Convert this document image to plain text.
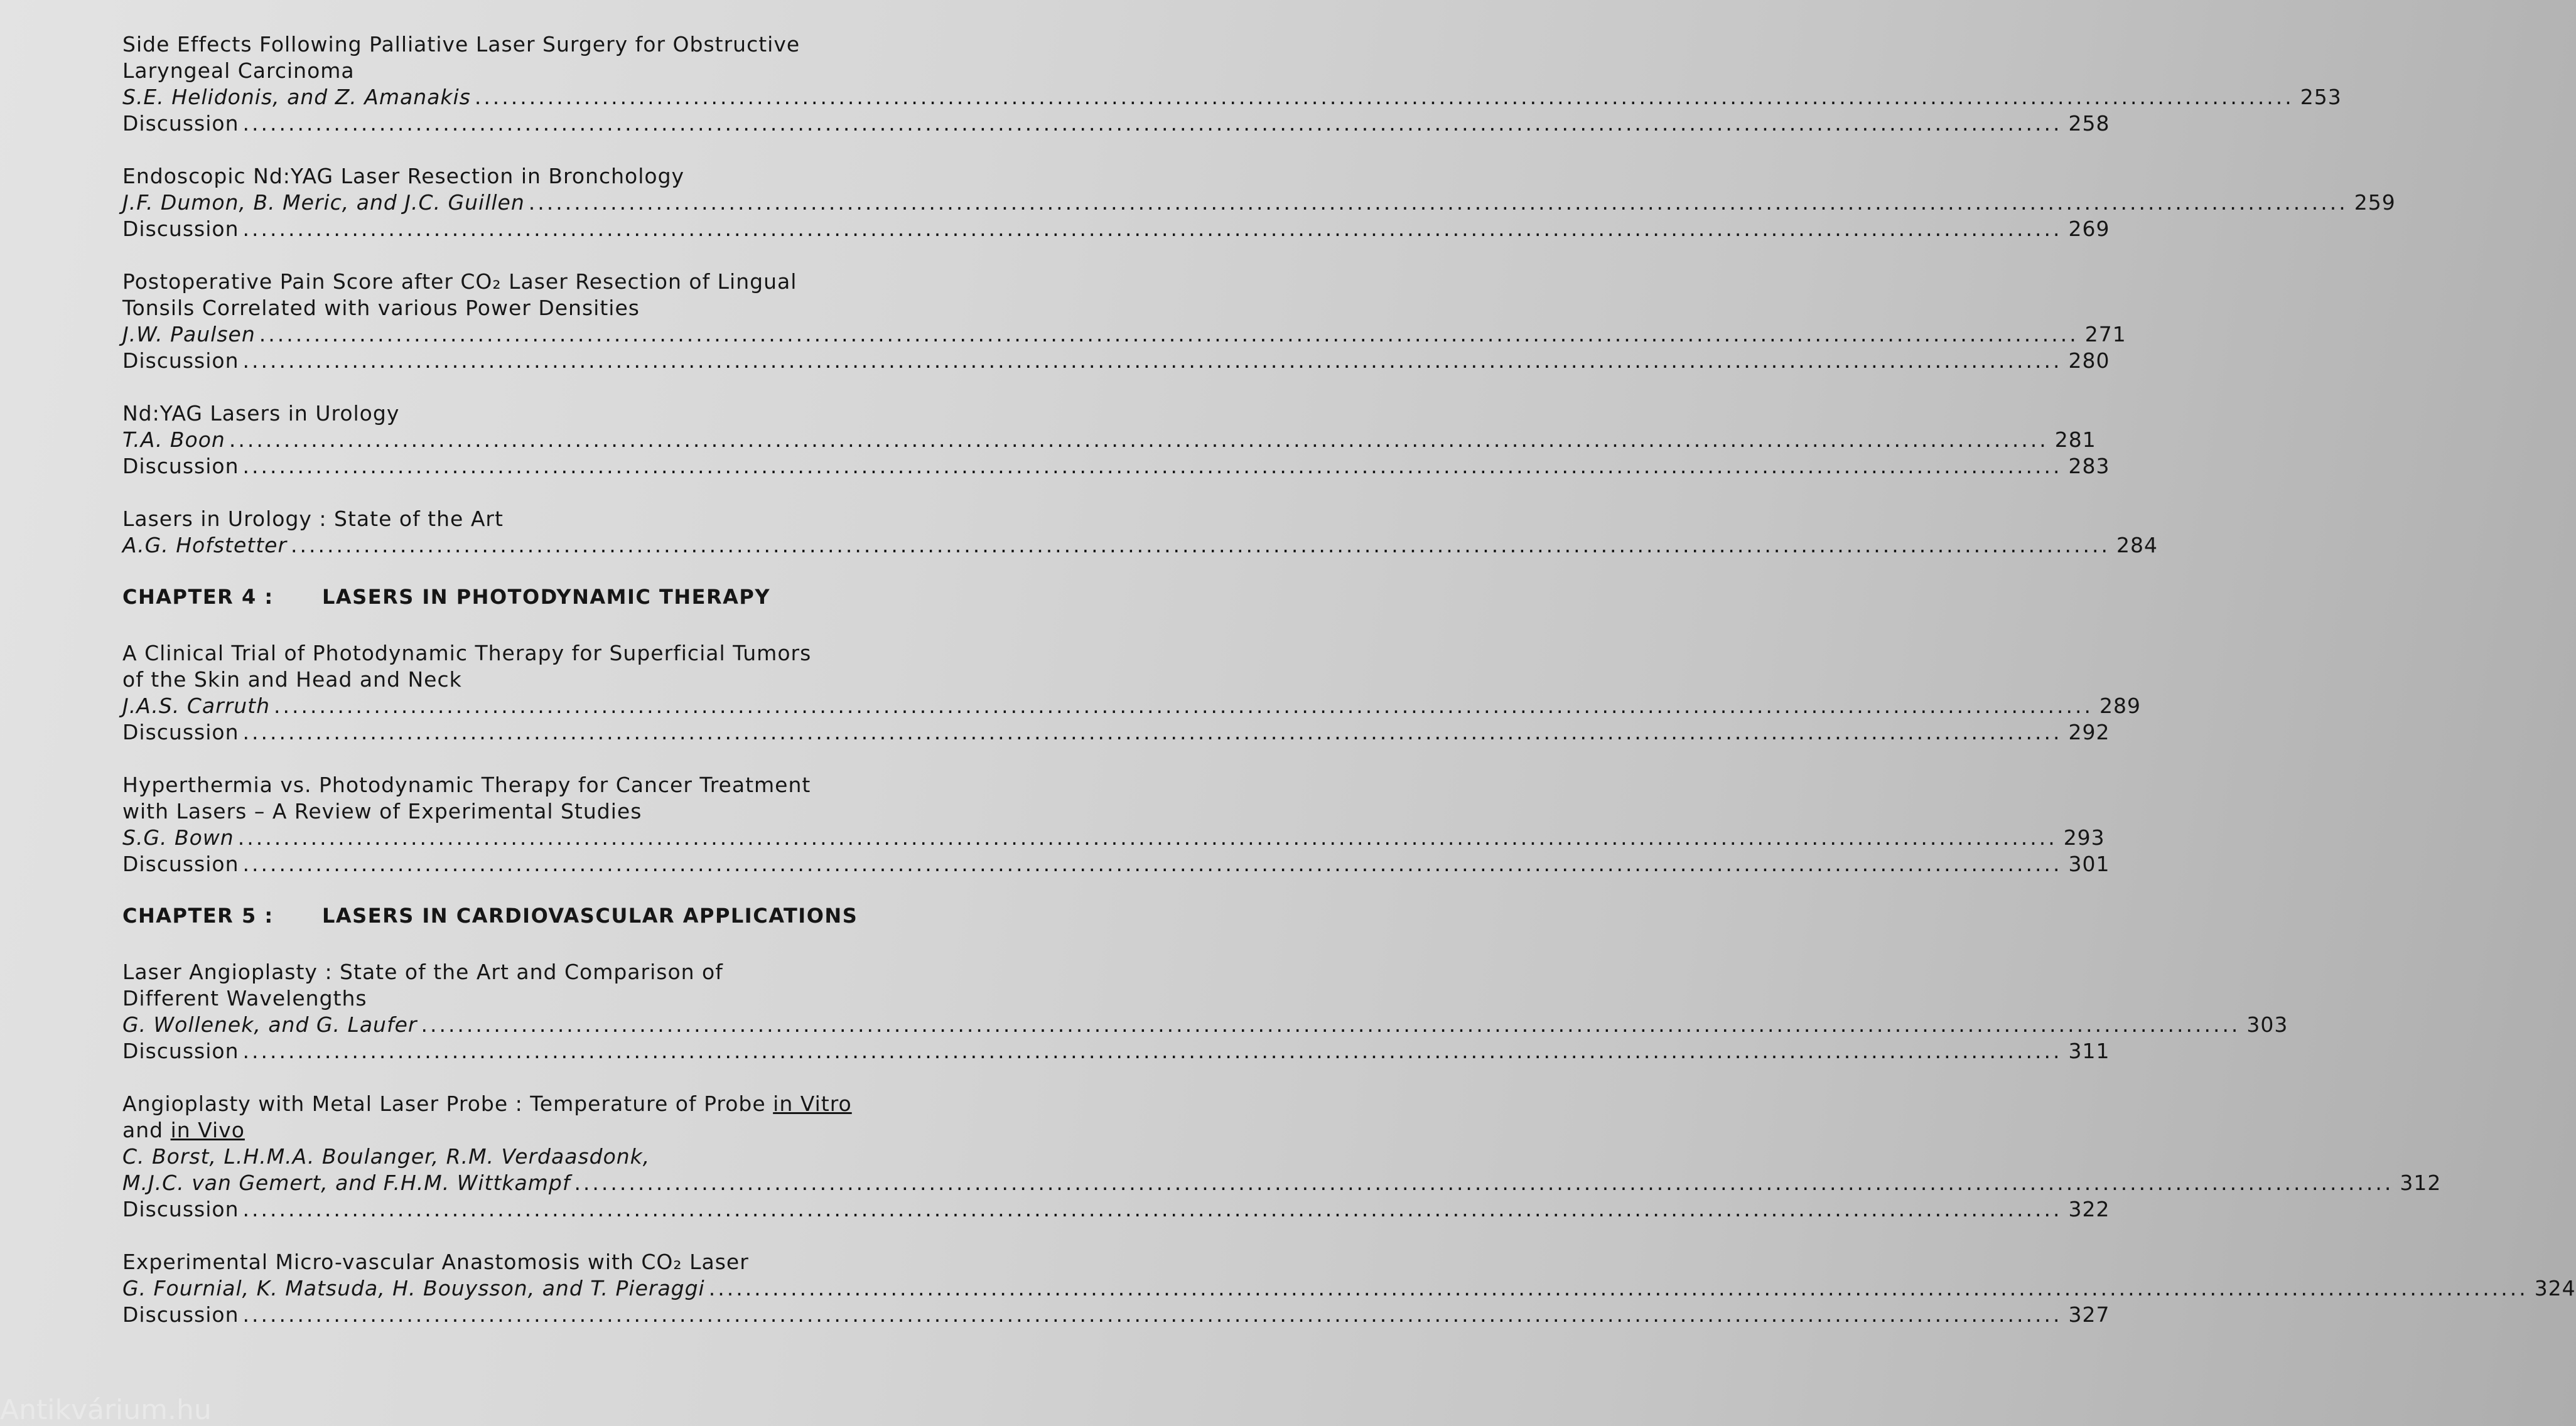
Side Effects Following Palliative Laser Surgery for Obstructive
Laryngeal Carcinoma
S.E. Helidonis, and Z. Amanakis ........................................................................................................................................................................................................ 253
Discussion ........................................................................................................................................................................................................ 258
Endoscopic Nd:YAG Laser Resection in Bronchology
J.F. Dumon, B. Meric, and J.C. Guillen ........................................................................................................................................................................................................ 259
Discussion ........................................................................................................................................................................................................ 269
Postoperative Pain Score after CO₂ Laser Resection of Lingual
Tonsils Correlated with various Power Densities
J.W. Paulsen ........................................................................................................................................................................................................ 271
Discussion ........................................................................................................................................................................................................ 280
Nd:YAG Lasers in Urology
T.A. Boon ........................................................................................................................................................................................................ 281
Discussion ........................................................................................................................................................................................................ 283
Lasers in Urology : State of the Art
A.G. Hofstetter ........................................................................................................................................................................................................ 284
CHAPTER 4 :	LASERS IN PHOTODYNAMIC THERAPY
A Clinical Trial of Photodynamic Therapy for Superficial Tumors
of the Skin and Head and Neck
J.A.S. Carruth ........................................................................................................................................................................................................ 289
Discussion ........................................................................................................................................................................................................ 292
Hyperthermia vs. Photodynamic Therapy for Cancer Treatment
with Lasers – A Review of Experimental Studies
S.G. Bown ........................................................................................................................................................................................................ 293
Discussion ........................................................................................................................................................................................................ 301
CHAPTER 5 :	LASERS IN CARDIOVASCULAR APPLICATIONS
Laser Angioplasty : State of the Art and Comparison of
Different Wavelengths
G. Wollenek, and G. Laufer ........................................................................................................................................................................................................ 303
Discussion ........................................................................................................................................................................................................ 311
Angioplasty with Metal Laser Probe : Temperature of Probe in Vitro
and in Vivo
C. Borst, L.H.M.A. Boulanger, R.M. Verdaasdonk,
M.J.C. van Gemert, and F.H.M. Wittkampf ........................................................................................................................................................................................................ 312
Discussion ........................................................................................................................................................................................................ 322
Experimental Micro-vascular Anastomosis with CO₂ Laser
G. Fournial, K. Matsuda, H. Bouysson, and T. Pieraggi ........................................................................................................................................................................................................ 324
Discussion ........................................................................................................................................................................................................ 327
Antikvárium.hu
